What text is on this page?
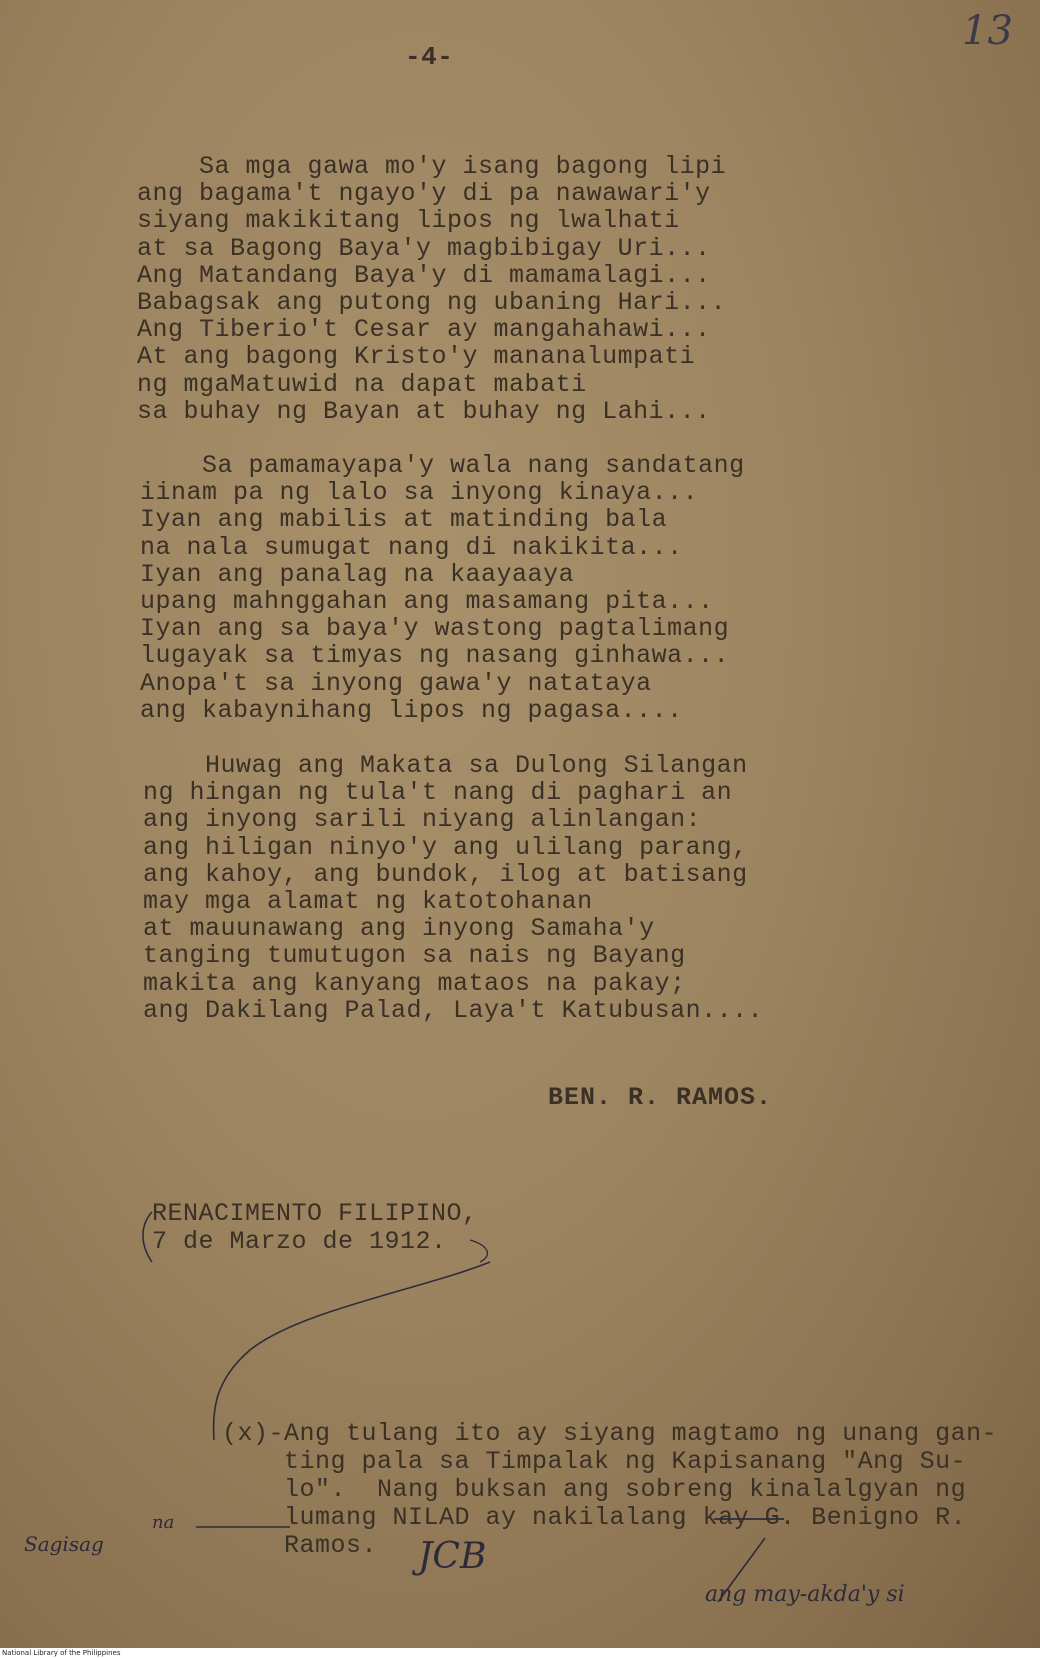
13
-4-
Sa mga gawa mo'y isang bagong lipi
ang bagama't ngayo'y di pa nawawari'y
siyang makikitang lipos ng lwalhati
at sa Bagong Baya'y magbibigay Uri...
Ang Matandang Baya'y di mamamalagi...
Babagsak ang putong ng ubaning Hari...
Ang Tiberio't Cesar ay mangahahawi...
At ang bagong Kristo'y mananalumpati
ng mgaMatuwid na dapat mabati
sa buhay ng Bayan at buhay ng Lahi...
Sa pamamayapa'y wala nang sandatang
iinam pa ng lalo sa inyong kinaya...
Iyan ang mabilis at matinding bala
na nala sumugat nang di nakikita...
Iyan ang panalag na kaayaaya
upang mahnggahan ang masamang pita...
Iyan ang sa baya'y wastong pagtalimang
lugayak sa timyas ng nasang ginhawa...
Anopa't sa inyong gawa'y natataya
ang kabaynihang lipos ng pagasa....
Huwag ang Makata sa Dulong Silangan
ng hingan ng tula't nang di paghari an
ang inyong sarili niyang alinlangan:
ang hiligan ninyo'y ang ulilang parang,
ang kahoy, ang bundok, ilog at batisang
may mga alamat ng katotohanan
at mauunawang ang inyong Samaha'y
tanging tumutugon sa nais ng Bayang
makita ang kanyang mataos na pakay;
ang Dakilang Palad, Laya't Katubusan....
BEN. R. RAMOS.
RENACIMENTO FILIPINO,
7 de Marzo de 1912.
(x)-Ang tulang ito ay siyang magtamo ng unang gan-
ting pala sa Timpalak ng Kapisanang "Ang Su-
lo".  Nang buksan ang sobreng kinalalgyan ng
lumang NILAD ay nakilalang kay G. Benigno R.
Ramos.
Sagisag
na
JCB
ang may-akda'y si
National Library of the Philippines
